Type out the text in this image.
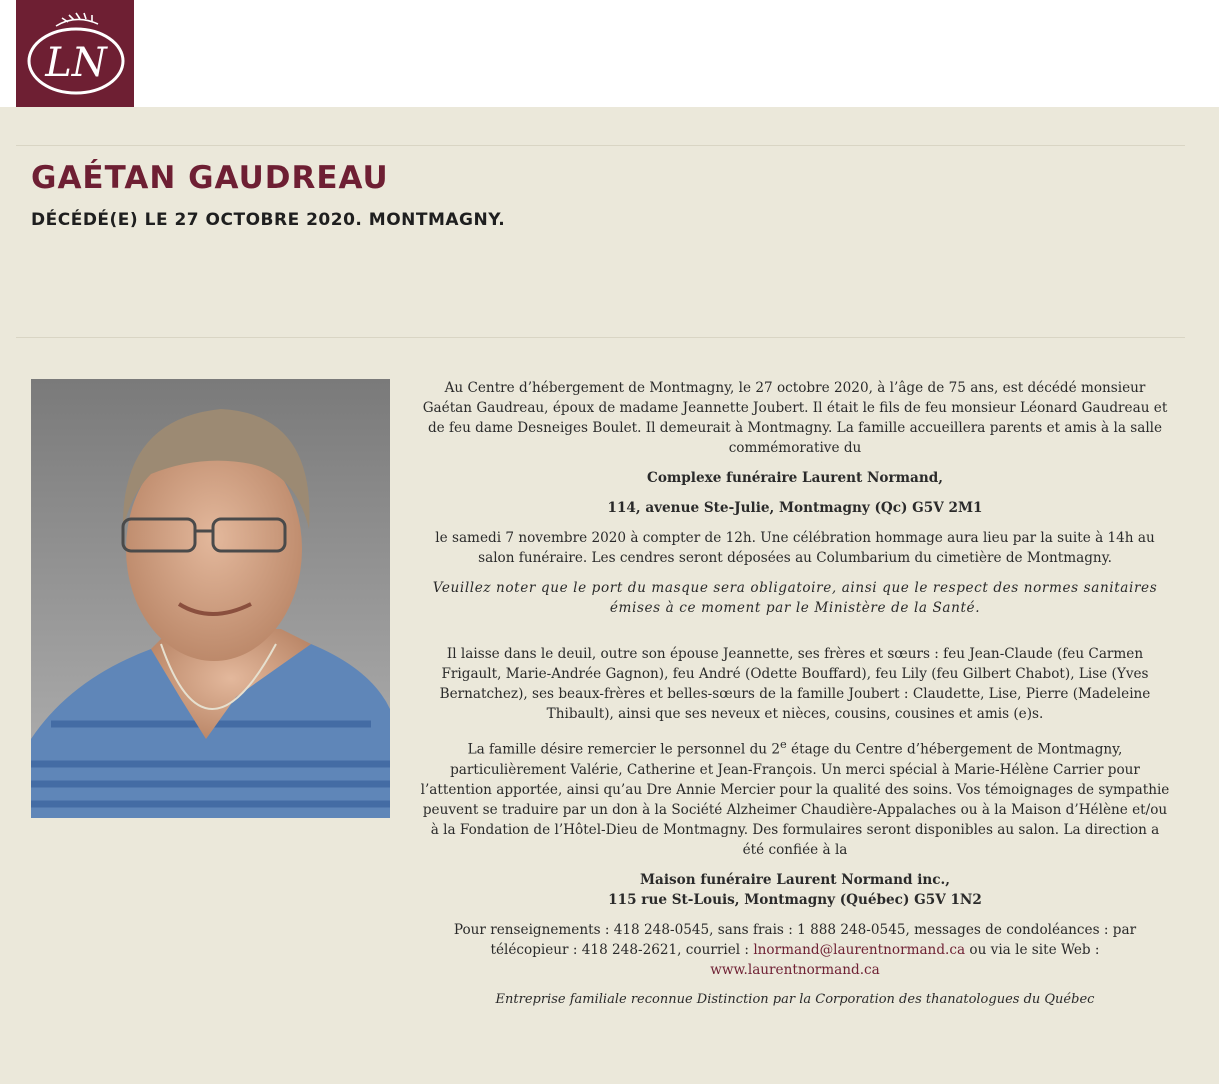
LN
GAÉTAN GAUDREAU
DÉCÉDÉ(E) LE 27 OCTOBRE 2020. MONTMAGNY.

Au Centre d’hébergement de Montmagny, le 27 octobre 2020, à l’âge de 75 ans, est décédé monsieur Gaétan Gaudreau, époux de madame Jeannette Joubert. Il était le fils de feu monsieur Léonard Gaudreau et de feu dame Desneiges Boulet. Il demeurait à Montmagny. La famille accueillera parents et amis à la salle commémorative du

Complexe funéraire Laurent Normand,

114, avenue Ste-Julie, Montmagny (Qc) G5V 2M1

le samedi 7 novembre 2020 à compter de 12h. Une célébration hommage aura lieu par la suite à 14h au salon funéraire. Les cendres seront déposées au Columbarium du cimetière de Montmagny.

Veuillez noter que le port du masque sera obligatoire, ainsi que le respect des normes sanitaires émises à ce moment par le Ministère de la Santé.

Il laisse dans le deuil, outre son épouse Jeannette, ses frères et sœurs : feu Jean-Claude (feu Carmen Frigault, Marie-Andrée Gagnon), feu André (Odette Bouffard), feu Lily (feu Gilbert Chabot), Lise (Yves Bernatchez), ses beaux-frères et belles-sœurs de la famille Joubert : Claudette, Lise, Pierre (Madeleine Thibault), ainsi que ses neveux et nièces, cousins, cousines et amis (e)s.

La famille désire remercier le personnel du 2e étage du Centre d’hébergement de Montmagny, particulièrement Valérie, Catherine et Jean-François. Un merci spécial à Marie-Hélène Carrier pour l’attention apportée, ainsi qu’au Dre Annie Mercier pour la qualité des soins. Vos témoignages de sympathie peuvent se traduire par un don à la Société Alzheimer Chaudière-Appalaches ou à la Maison d’Hélène et/ou à la Fondation de l’Hôtel-Dieu de Montmagny. Des formulaires seront disponibles au salon. La direction a été confiée à la

Maison funéraire Laurent Normand inc.,
115 rue St-Louis, Montmagny (Québec) G5V 1N2

Pour renseignements : 418 248-0545, sans frais : 1 888 248-0545, messages de condoléances : par télécopieur : 418 248-2621, courriel : lnormand@laurentnormand.ca ou via le site Web : www.laurentnormand.ca

Entreprise familiale reconnue Distinction par la Corporation des thanatologues du Québec
